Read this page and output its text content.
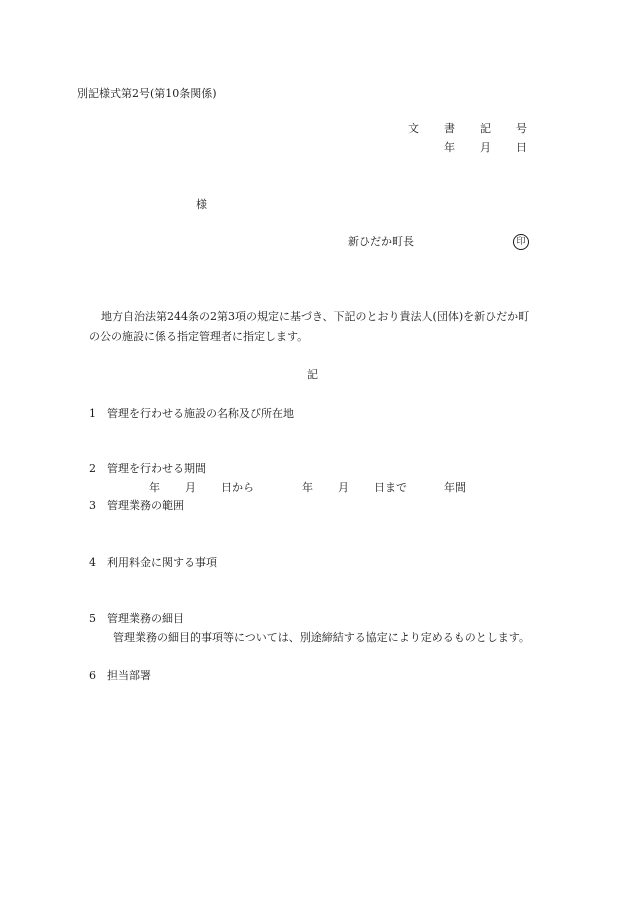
別記様式第2号(第10条関係)
文 書 記 号
年 月 日
様
新ひだか町長	印
地方自治法第244条の2第3項の規定に基づき、下記のとおり貴法人(団体)を新ひだか町
の公の施設に係る指定管理者に指定します。
記
1 管理を行わせる施設の名称及び所在地
2 管理を行わせる期間
年 月 日から	年 月 日まで	年間
3 管理業務の範囲
4 利用料金に関する事項
5 管理業務の細目
管理業務の細目的事項等については、別途締結する協定により定めるものとします。
6 担当部署
